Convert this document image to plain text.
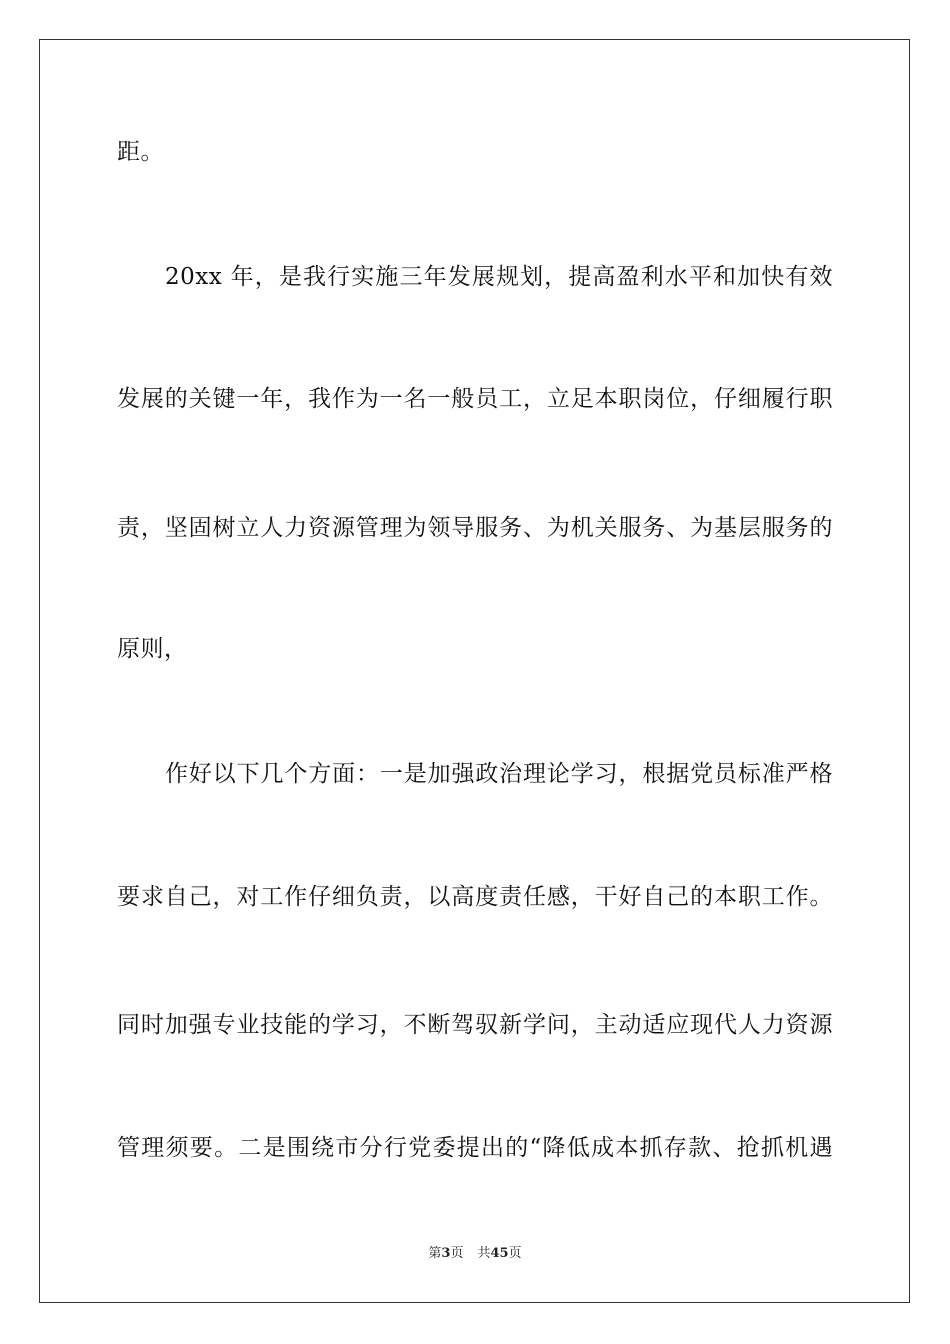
距。
20xx 年，是我行实施三年发展规划，提高盈利水平和加快有效
发展的关键一年，我作为一名一般员工，立足本职岗位，仔细履行职
责，坚固树立人力资源管理为领导服务、为机关服务、为基层服务的
原则，
作好以下几个方面：一是加强政治理论学习，根据党员标准严格
要求自己，对工作仔细负责，以高度责任感，干好自己的本职工作。
同时加强专业技能的学习，不断驾驭新学问，主动适应现代人力资源
管理须要。二是围绕市分行党委提出的“降低成本抓存款、抢抓机遇
第3页 共45页
